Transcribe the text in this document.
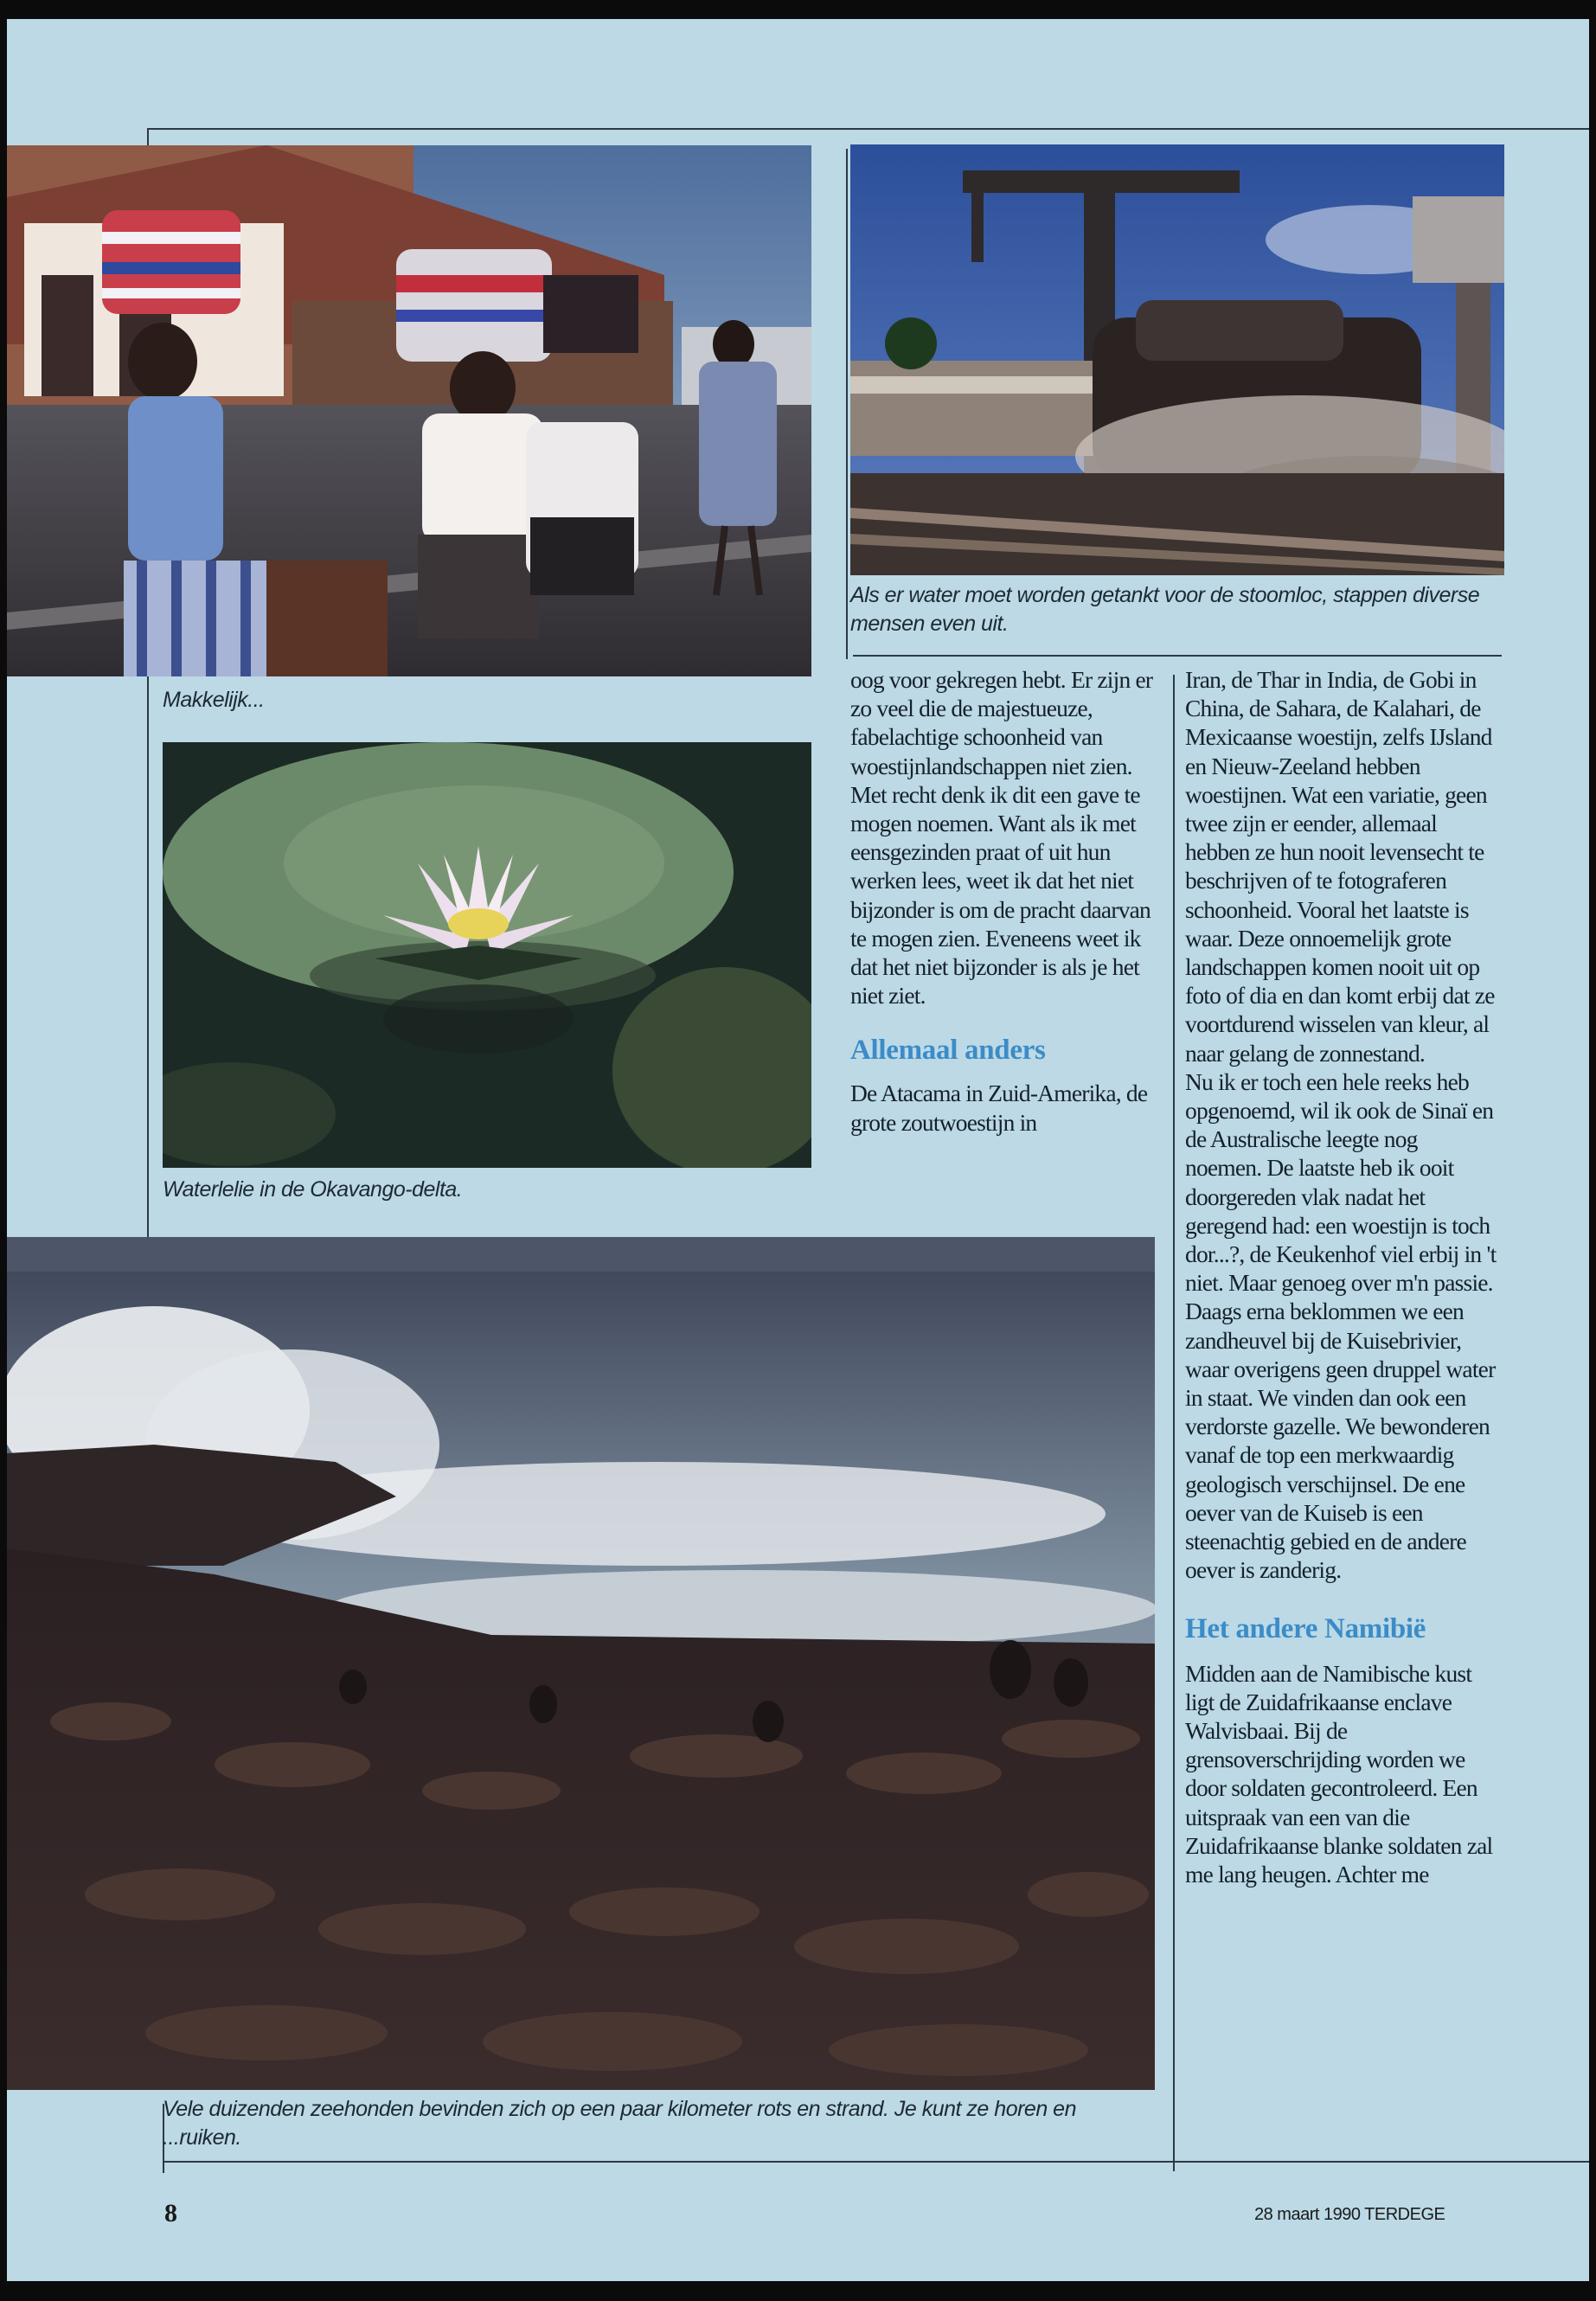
Als er water moet worden getankt voor de stoomloc, stappen diverse mensen even uit.
Makkelijk...
Waterlelie in de Okavango-delta.
Vele duizenden zeehonden bevinden zich op een paar kilometer rots en strand. Je kunt ze horen en ...ruiken.

oog voor gekregen hebt. Er zijn er zo veel die de majestueuze, fabelachtige schoonheid van woestijnlandschappen niet zien. Met recht denk ik dit een gave te mogen noemen. Want als ik met eensgezinden praat of uit hun werken lees, weet ik dat het niet bijzonder is om de pracht daarvan te mogen zien. Eveneens weet ik dat het niet bijzonder is als je het niet ziet.

Allemaal anders

De Atacama in Zuid-Amerika, de grote zoutwoestijn in

Iran, de Thar in India, de Gobi in China, de Sahara, de Kalahari, de Mexicaanse woestijn, zelfs IJsland en Nieuw-Zeeland hebben woestijnen. Wat een variatie, geen twee zijn er eender, allemaal hebben ze hun nooit levensecht te beschrijven of te fotograferen schoonheid. Vooral het laatste is waar. Deze onnoemelijk grote landschappen komen nooit uit op foto of dia en dan komt erbij dat ze voortdurend wisselen van kleur, al naar gelang de zonnestand.

Nu ik er toch een hele reeks heb opgenoemd, wil ik ook de Sinaï en de Australische leegte nog noemen. De laatste heb ik ooit doorgereden vlak nadat het geregend had: een woestijn is toch dor...?, de Keukenhof viel erbij in 't niet. Maar genoeg over m'n passie.

Daags erna beklommen we een zandheuvel bij de Kuisebrivier, waar overigens geen druppel water in staat. We vinden dan ook een verdorste gazelle. We bewonderen vanaf de top een merkwaardig geologisch verschijnsel. De ene oever van de Kuiseb is een steenachtig gebied en de andere oever is zanderig.

Het andere Namibië

Midden aan de Namibische kust ligt de Zuidafrikaanse enclave Walvisbaai. Bij de grensoverschrijding worden we door soldaten gecontroleerd. Een uitspraak van een van die Zuidafrikaanse blanke soldaten zal me lang heugen. Achter me

8	28 maart 1990 TERDEGE
